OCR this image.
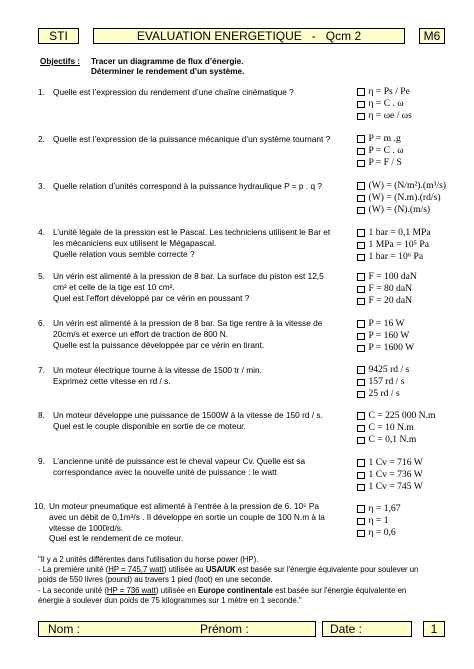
STI	EVALUATION ENERGETIQUE   -   Qcm 2	M6
Objectifs : Tracer un diagramme de flux d’énergie.
Déterminer le rendement d’un système.
1. Quelle est l’expression du rendement d’une chaîne cinématique ?	η = Ps / Pe
η = C . ω
η = ωe / ωs
2. Quelle est l’expression de la puissance mécanique d’un système tournant ?	P = m .g
P = C . ω
P = F / S
3. Quelle relation d’unités correspond à la puissance hydraulique P = p . q ?	(W) = (N/m²).(m³/s)
(W) = (N.m).(rd/s)
(W) = (N).(m/s)
4. L’unité légale de la pression est le Pascal. Les techniciens utilisent le Bar et
les mécaniciens eux utilisent le Mégapascal.
Quelle relation vous semble correcte ?
1 bar = 0,1 MPa
1 MPa = 10⁵ Pa
1 bar = 10⁶ Pa
5. Un vérin est alimenté à la pression de 8 bar. La surface du piston est 12,5
cm² et celle de la tige est 10 cm².
Quel est l’effort développé par ce vérin en poussant ?
F = 100 daN
F = 80 daN
F = 20 daN
6. Un vérin est alimenté à la pression de 8 bar. Sa tige rentre à la vitesse de
20cm/s et exerce un effort de traction de 800 N.
Quelle est la puissance développée par ce vérin en tirant.
P = 16 W
P = 160 W
P = 1600 W
7. Un moteur électrique tourne à la vitesse de 1500 tr / min.
Exprimez cette vitesse en rd / s.
9425 rd / s
157 rd / s
25 rd / s
8. Un moteur développe une puissance de 1500W à la vitesse de 150 rd / s.
Quel est le couple disponible en sortie de ce moteur.
C = 225 000 N.m
C = 10 N.m
C = 0,1 N.m
9. L’ancienne unité de puissance est le cheval vapeur Cv. Quelle est sa
correspondance avec la nouvelle unité de puissance : le watt
1 Cv = 716 W
1 Cv = 736 W
1 Cv = 745 W
10. Un moteur pneumatique est alimenté à l’entrée à la pression de 6. 10⁵ Pa
avec un débit de 0,1m³/s . Il développe en sortie un couple de 100 N.m à la
vitesse de 1000rd/s.
Quel est le rendement de ce moteur.
η = 1,67
η = 1
η = 0,6
"Il y a 2 unités différentes dans l'utilisation du horse power (HP).
- La première unité (HP = 745,7 watt) utilisée au USA/UK est basée sur l'énergie équivalente pour soulever un
poids de 550 livres (pound) au travers 1 pied (foot) en une seconde.
- La seconde unité (HP = 736 watt) utilisée en Europe continentale est basée sur l'énergie équivalente en
énergie à soulever dun poids de 75 kilogrammes sur 1 mètre en 1 seconde."
Nom :	Prénom :	Date :	1
